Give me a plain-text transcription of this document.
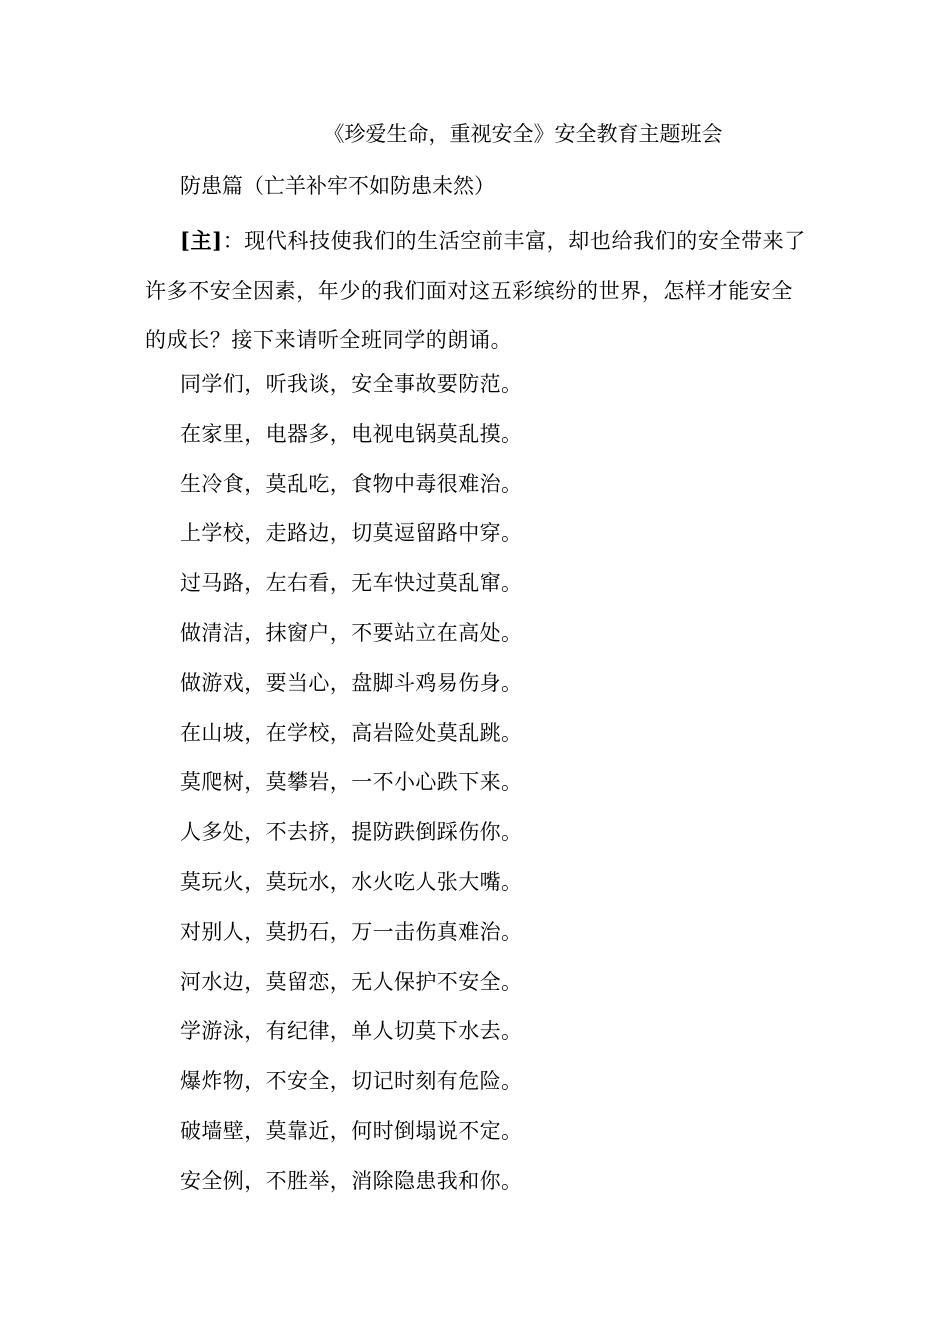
《珍爱生命，重视安全》安全教育主题班会
防患篇（亡羊补牢不如防患未然）

[主]：现代科技使我们的生活空前丰富，却也给我们的安全带来了许多不安全因素，年少的我们面对这五彩缤纷的世界，怎样才能安全的成长？接下来请听全班同学的朗诵。

同学们，听我谈，安全事故要防范。
在家里，电器多，电视电锅莫乱摸。
生冷食，莫乱吃，食物中毒很难治。
上学校，走路边，切莫逗留路中穿。
过马路，左右看，无车快过莫乱窜。
做清洁，抹窗户，不要站立在高处。
做游戏，要当心，盘脚斗鸡易伤身。
在山坡，在学校，高岩险处莫乱跳。
莫爬树，莫攀岩，一不小心跌下来。
人多处，不去挤，提防跌倒踩伤你。
莫玩火，莫玩水，水火吃人张大嘴。
对别人，莫扔石，万一击伤真难治。
河水边，莫留恋，无人保护不安全。
学游泳，有纪律，单人切莫下水去。
爆炸物，不安全，切记时刻有危险。
破墙壁，莫靠近，何时倒塌说不定。
安全例，不胜举，消除隐患我和你。
